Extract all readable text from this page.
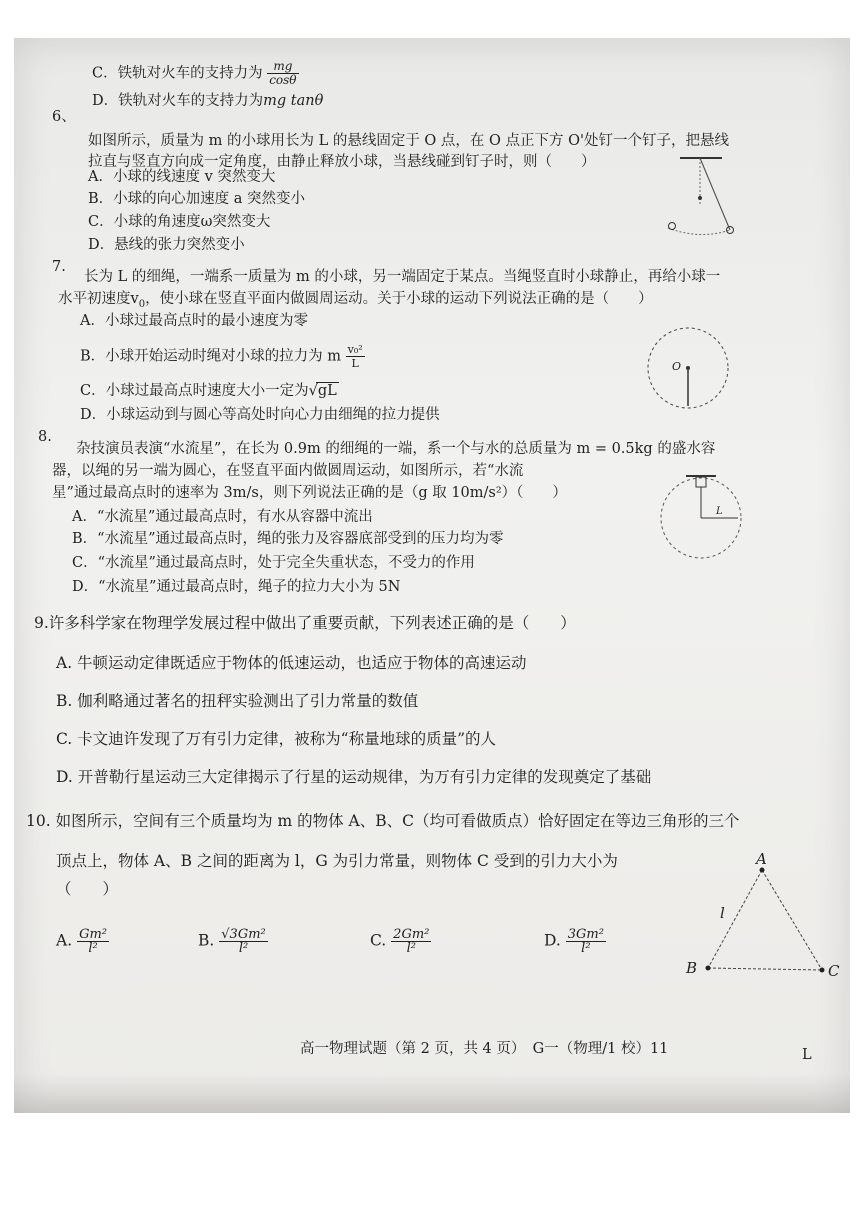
C．铁轨对火车的支持力为 $\frac{mg}{\cos\theta}$
D．铁轨对火车的支持力为mg tanθ
6、
如图所示，质量为 m 的小球用长为 L 的悬线固定于 O 点，在 O 点正下方 O'处钉一个钉子，把悬线
拉直与竖直方向成一定角度，由静止释放小球，当悬线碰到钉子时，则（　　）
A．小球的线速度 v 突然变大
B．小球的向心加速度 a 突然变小
C．小球的角速度ω突然变大
D．悬线的张力突然变小
7.
长为 L 的细绳，一端系一质量为 m 的小球，另一端固定于某点。当绳竖直时小球静止，再给小球一
水平初速度$v_0$，使小球在竖直平面内做圆周运动。关于小球的运动下列说法正确的是（　　）
A．小球过最高点时的最小速度为零
B．小球开始运动时绳对小球的拉力为 m $\frac{\text{v₀²}}{L}$
C．小球过最高点时速度大小一定为√gL
D．小球运动到与圆心等高处时向心力由细绳的拉力提供
O
8.
杂技演员表演“水流星”，在长为 0.9m 的细绳的一端，系一个与水的总质量为 m = 0.5kg 的盛水容
器，以绳的另一端为圆心，在竖直平面内做圆周运动，如图所示，若“水流
星”通过最高点时的速率为 3m/s，则下列说法正确的是（g 取 10m/s²）（　　）
A．“水流星”通过最高点时，有水从容器中流出
B．“水流星”通过最高点时，绳的张力及容器底部受到的压力均为零
C．“水流星”通过最高点时，处于完全失重状态，不受力的作用
D．“水流星”通过最高点时，绳子的拉力大小为 5N
L
9.许多科学家在物理学发展过程中做出了重要贡献，下列表述正确的是（　　）
A. 牛顿运动定律既适应于物体的低速运动，也适应于物体的高速运动
B. 伽利略通过著名的扭秤实验测出了引力常量的数值
C. 卡文迪许发现了万有引力定律，被称为“称量地球的质量”的人
D. 开普勒行星运动三大定律揭示了行星的运动规律，为万有引力定律的发现奠定了基础
10. 如图所示，空间有三个质量均为 m 的物体 A、B、C（均可看做质点）恰好固定在等边三角形的三个
顶点上，物体 A、B 之间的距离为 l，G 为引力常量，则物体 C 受到的引力大小为
（　　）
A. $\frac{\text{Gm²}}{\text{l²}}$	B. $\frac{\text{√3Gm²}}{\text{l²}}$	C. $\frac{\text{2Gm²}}{\text{l²}}$	D. $\frac{\text{3Gm²}}{\text{l²}}$
A
B	C
l
高一物理试题（第 2 页，共 4 页）　G一（物理/1 校）11	L
